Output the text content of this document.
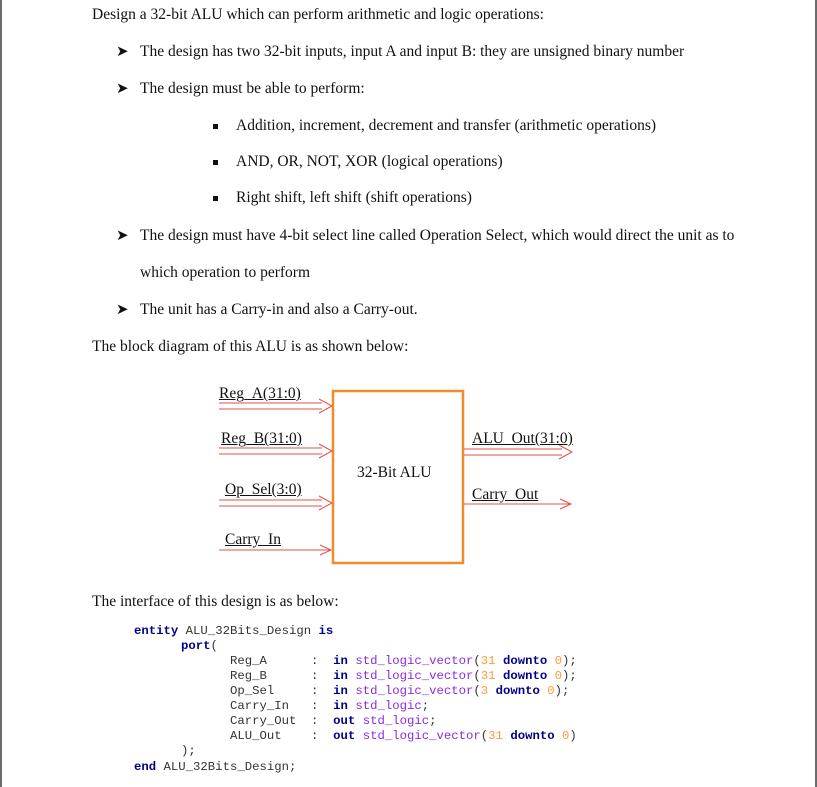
Design a 32-bit ALU which can perform arithmetic and logic operations:
➤ The design has two 32-bit inputs, input A and input B: they are unsigned binary number
➤ The design must be able to perform:
Addition, increment, decrement and transfer (arithmetic operations)
AND, OR, NOT, XOR (logical operations)
Right shift, left shift (shift operations)
➤ The design must have 4-bit select line called Operation Select, which would direct the unit as to
which operation to perform
➤ The unit has a Carry-in and also a Carry-out.
The block diagram of this ALU is as shown below:
Reg_A(31:0)
Reg_B(31:0)
Op_Sel(3:0)
Carry_In
32-Bit ALU
ALU_Out(31:0)
Carry_Out
The interface of this design is as below:
entity ALU_32Bits_Design is
port(
Reg_A	: in std_logic_vector(31 downto 0);
Reg_B	: in std_logic_vector(31 downto 0);
Op_Sel	: in std_logic_vector(3 downto 0);
Carry_In : in std_logic;
Carry_Out : out std_logic;
ALU_Out : out std_logic_vector(31 downto 0)
);
end ALU_32Bits_Design;
